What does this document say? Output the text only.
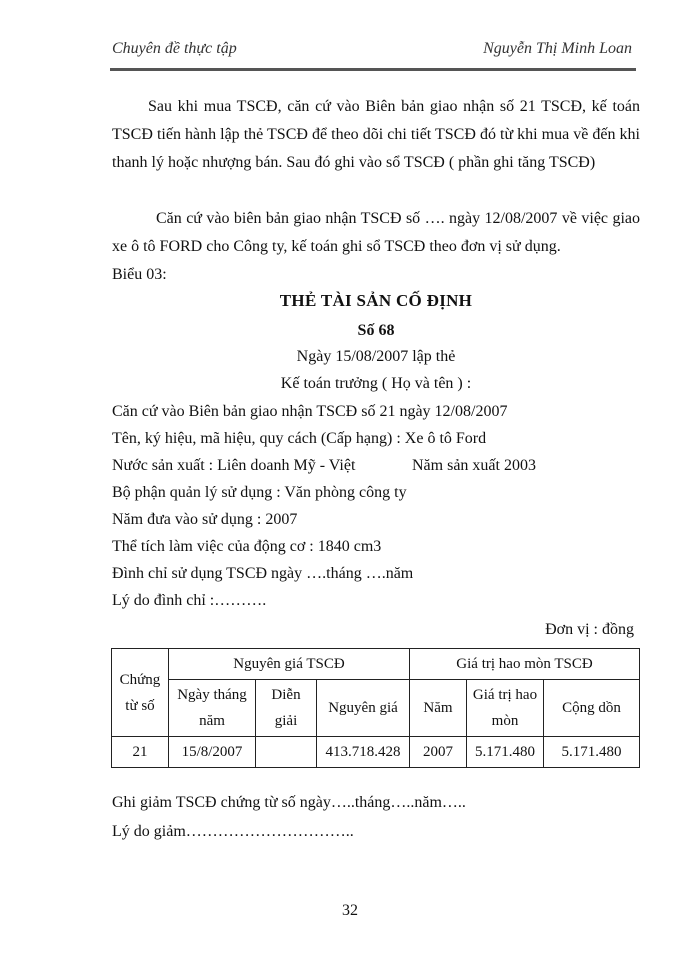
Chuyên đề thực tập	Nguyễn Thị Minh Loan

Sau khi mua TSCĐ, căn cứ vào Biên bản giao nhận số 21 TSCĐ, kế toán TSCĐ tiến hành lập thẻ TSCĐ để theo dõi chi tiết TSCĐ đó từ khi mua về đến khi thanh lý hoặc nhượng bán. Sau đó ghi vào sổ TSCĐ ( phần ghi tăng TSCĐ)

Căn cứ vào biên bản giao nhận TSCĐ số …. ngày 12/08/2007 về việc giao xe ô tô FORD cho Công ty, kế toán ghi sổ TSCĐ theo đơn vị sử dụng.

Biểu 03:

THẺ TÀI SẢN CỐ ĐỊNH

Số 68

Ngày 15/08/2007 lập thẻ

Kế toán trưởng ( Họ và tên ) :

Căn cứ vào Biên bản giao nhận TSCĐ số 21 ngày 12/08/2007

Tên, ký hiệu, mã hiệu, quy cách (Cấp hạng) : Xe ô tô Ford

Nước sản xuất : Liên doanh Mỹ - Việt	Năm sản xuất 2003

Bộ phận quản lý sử dụng : Văn phòng công ty

Năm đưa vào sử dụng : 2007

Thể tích làm việc của động cơ : 1840 cm3

Đình chỉ sử dụng TSCĐ ngày ….tháng ….năm

Lý do đình chỉ :……….

Đơn vị : đồng

Chứng từ số	Nguyên giá TSCĐ			Giá trị hao mòn TSCĐ		
	Ngày tháng năm	Diễn giải	Nguyên giá	Năm	Giá trị hao mòn	Cộng dồn
21	15/8/2007		413.718.428	2007	5.171.480	5.171.480

Ghi giảm TSCĐ chứng từ số ngày…..tháng…..năm…..

Lý do giảm…………………………..

32
